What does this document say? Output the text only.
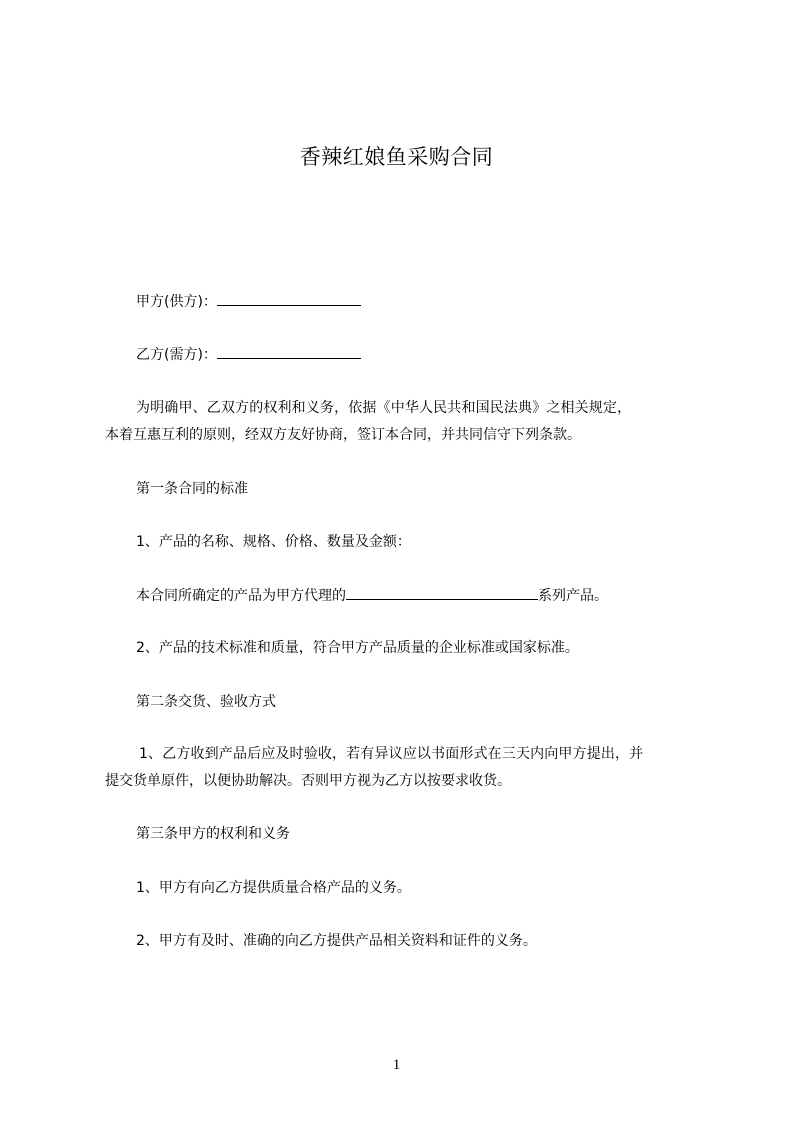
香辣红娘鱼采购合同
甲方(供方)：
乙方(需方)：
为明确甲、乙双方的权利和义务，依据《中华人民共和国民法典》之相关规定，
本着互惠互利的原则，经双方友好协商，签订本合同，并共同信守下列条款。
第一条合同的标准
1、产品的名称、规格、价格、数量及金额：
本合同所确定的产品为甲方代理的	系列产品。
2、产品的技术标准和质量，符合甲方产品质量的企业标准或国家标准。
第二条交货、验收方式
1、乙方收到产品后应及时验收，若有异议应以书面形式在三天内向甲方提出，并
提交货单原件，以便协助解决。否则甲方视为乙方以按要求收货。
第三条甲方的权利和义务
1、甲方有向乙方提供质量合格产品的义务。
2、甲方有及时、准确的向乙方提供产品相关资料和证件的义务。
1
